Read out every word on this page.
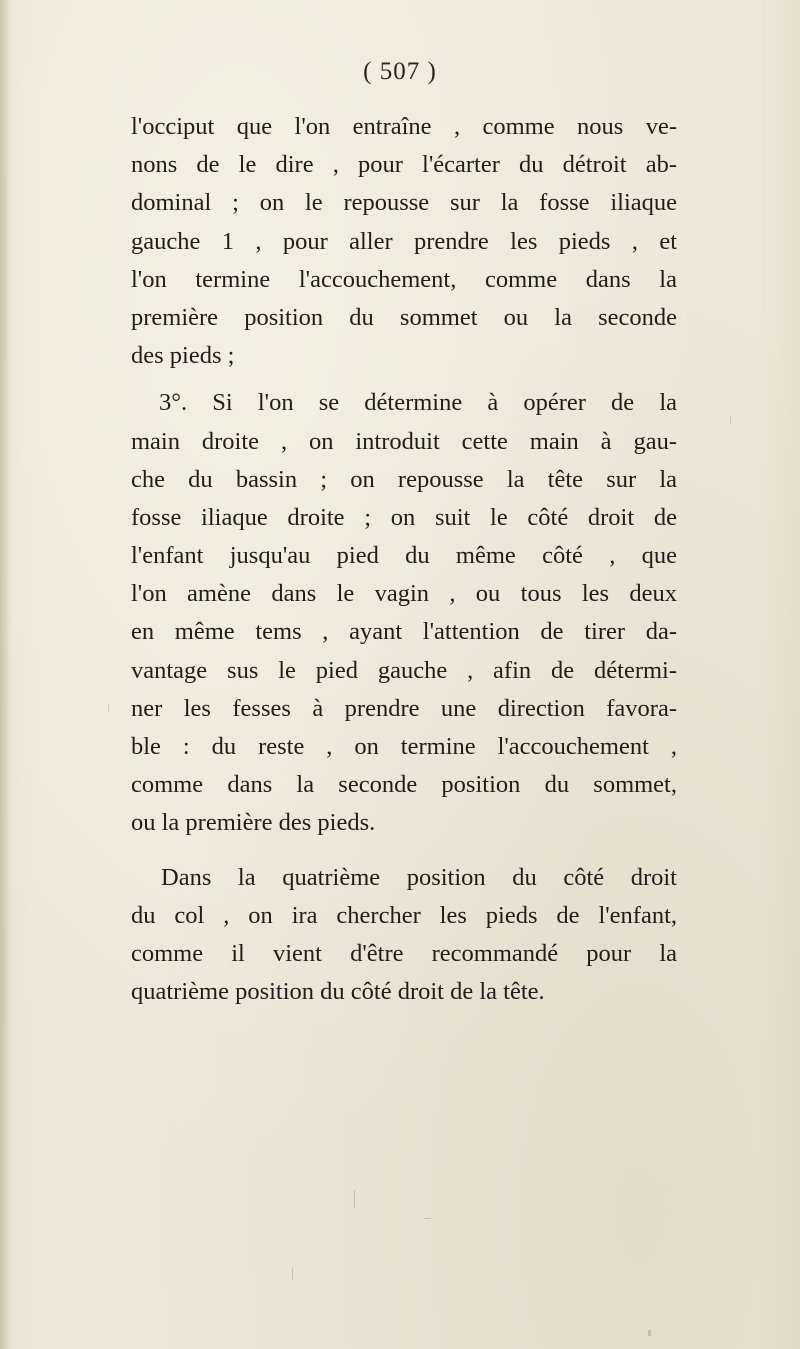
( 507 )
l'occiput que l'on entraîne , comme nous ve-
nons de le dire , pour l'écarter du détroit ab-
dominal ; on le repousse sur la fosse iliaque
gauche 1 , pour aller prendre les pieds , et
l'on termine l'accouchement, comme dans la
première position du sommet ou la seconde
des pieds ;
3°. Si l'on se détermine à opérer de la
main droite , on introduit cette main à gau-
che du bassin ; on repousse la tête sur la
fosse iliaque droite ; on suit le côté droit de
l'enfant jusqu'au pied du même côté , que
l'on amène dans le vagin , ou tous les deux
en même tems , ayant l'attention de tirer da-
vantage sus le pied gauche , afin de détermi-
ner les fesses à prendre une direction favora-
ble : du reste , on termine l'accouchement ,
comme dans la seconde position du sommet,
ou la première des pieds.
Dans la quatrième position du côté droit
du col , on ira chercher les pieds de l'enfant,
comme il vient d'être recommandé pour la
quatrième position du côté droit de la tête.
